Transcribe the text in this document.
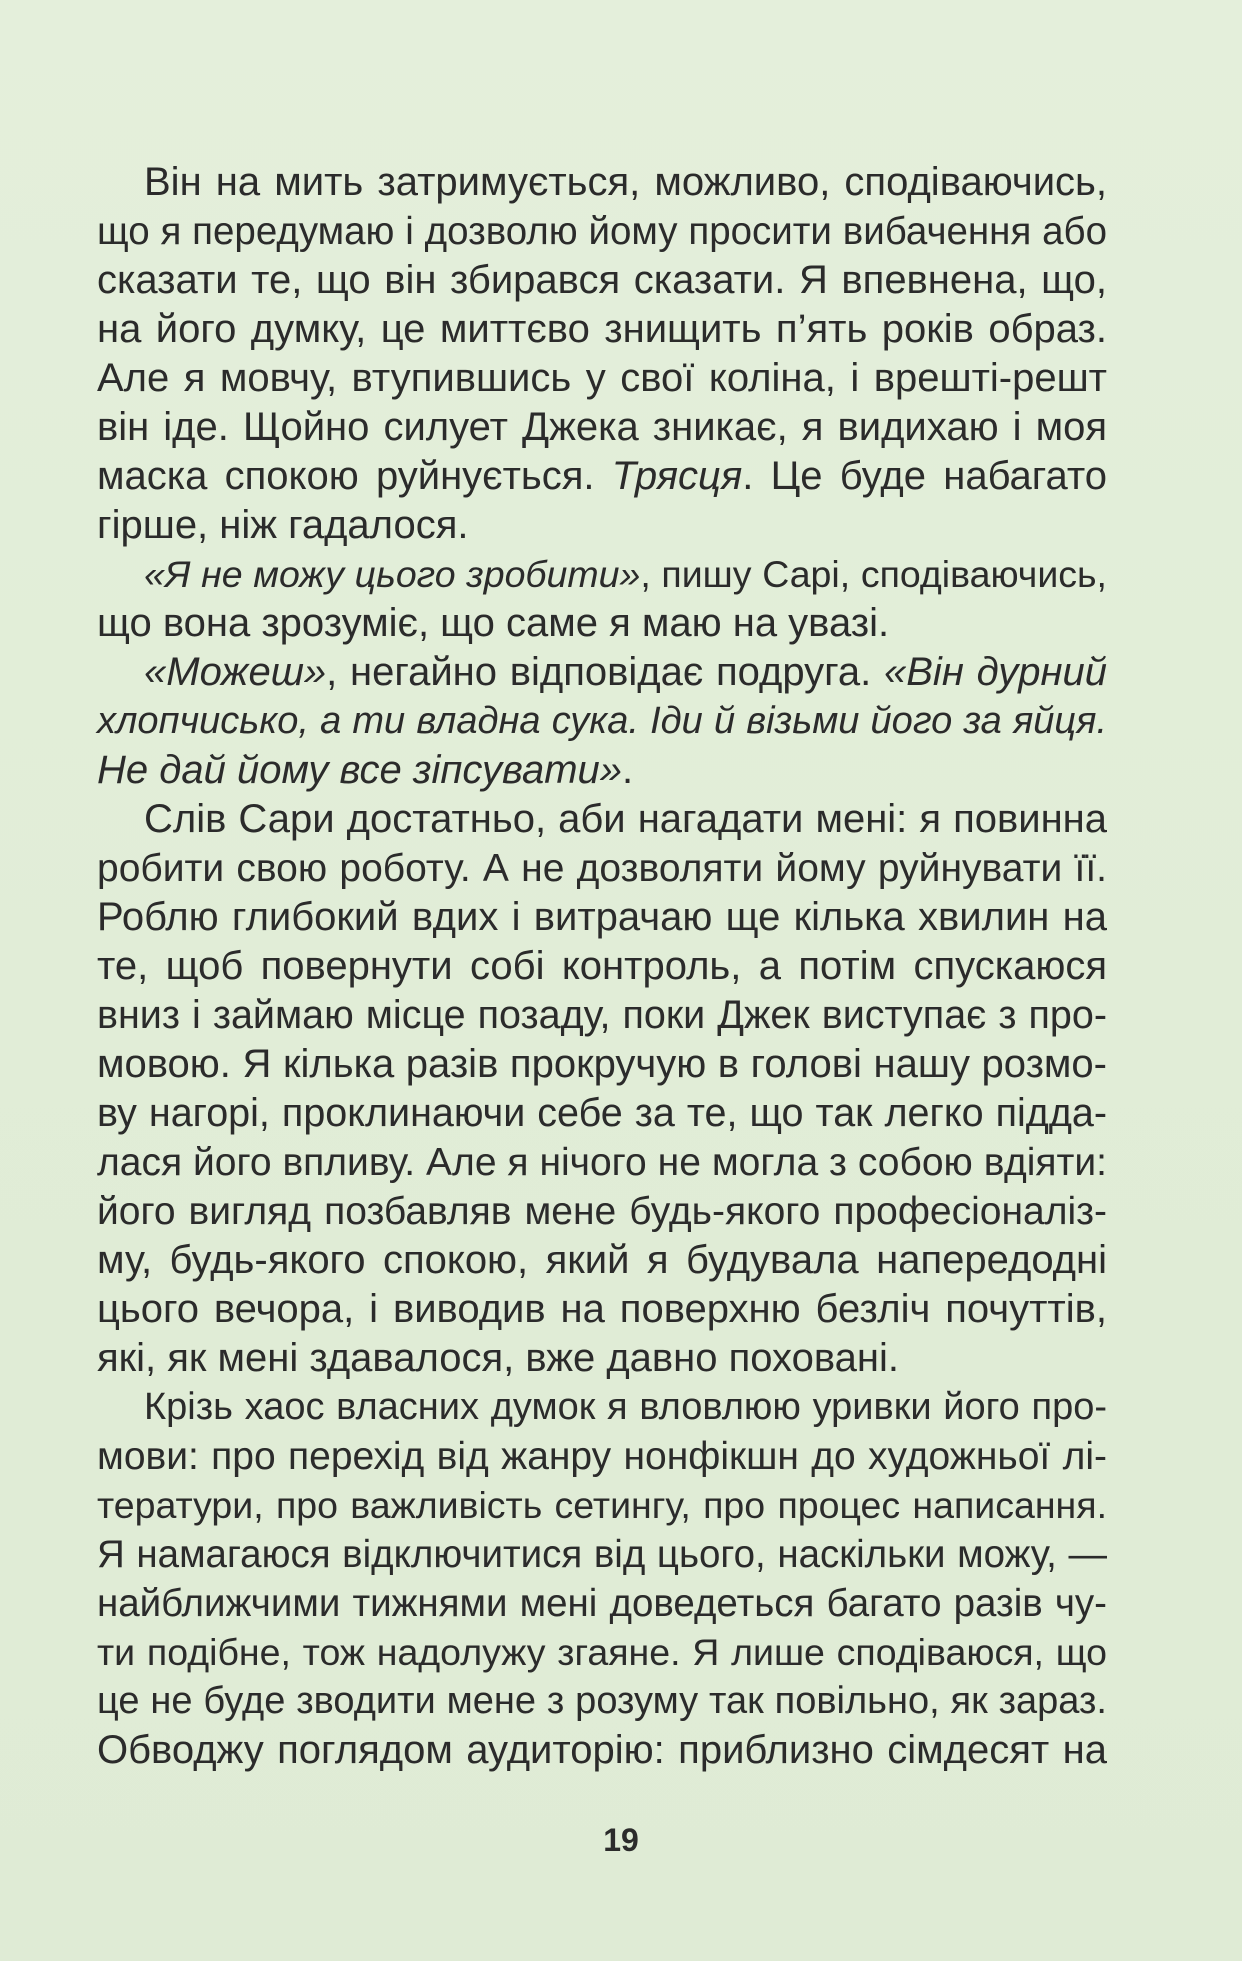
Він на мить затримується, можливо, сподіваючись,
що я передумаю і дозволю йому просити вибачення або
сказати те, що він збирався сказати. Я впевнена, що,
на його думку, це миттєво знищить п’ять років образ.
Але я мовчу, втупившись у свої коліна, і врешті-решт
він іде. Щойно силует Джека зникає, я видихаю і моя
маска спокою руйнується. Трясця. Це буде набагато
гірше, ніж гадалося.
«Я не можу цього зробити», пишу Сарі, сподіваючись,
що вона зрозуміє, що саме я маю на увазі.
«Можеш», негайно відповідає подруга. «Він дурний
хлопчисько, а ти владна сука. Іди й візьми його за яйця.
Не дай йому все зіпсувати».
Слів Сари достатньо, аби нагадати мені: я повинна
робити свою роботу. А не дозволяти йому руйнувати її.
Роблю глибокий вдих і витрачаю ще кілька хвилин на
те, щоб повернути собі контроль, а потім спускаюся
вниз і займаю місце позаду, поки Джек виступає з про-
мовою. Я кілька разів прокручую в голові нашу розмо-
ву нагорі, проклинаючи себе за те, що так легко підда-
лася його впливу. Але я нічого не могла з собою вдіяти:
його вигляд позбавляв мене будь-якого професіоналіз-
му, будь-якого спокою, який я будувала напередодні
цього вечора, і виводив на поверхню безліч почуттів,
які, як мені здавалося, вже давно поховані.
Крізь хаос власних думок я вловлюю уривки його про-
мови: про перехід від жанру нонфікшн до художньої лі-
тератури, про важливість сетингу, про процес написання.
Я намагаюся відключитися від цього, наскільки можу, —
найближчими тижнями мені доведеться багато разів чу-
ти подібне, тож надолужу згаяне. Я лише сподіваюся, що
це не буде зводити мене з розуму так повільно, як зараз.
Обводжу поглядом аудиторію: приблизно сімдесят на
19
